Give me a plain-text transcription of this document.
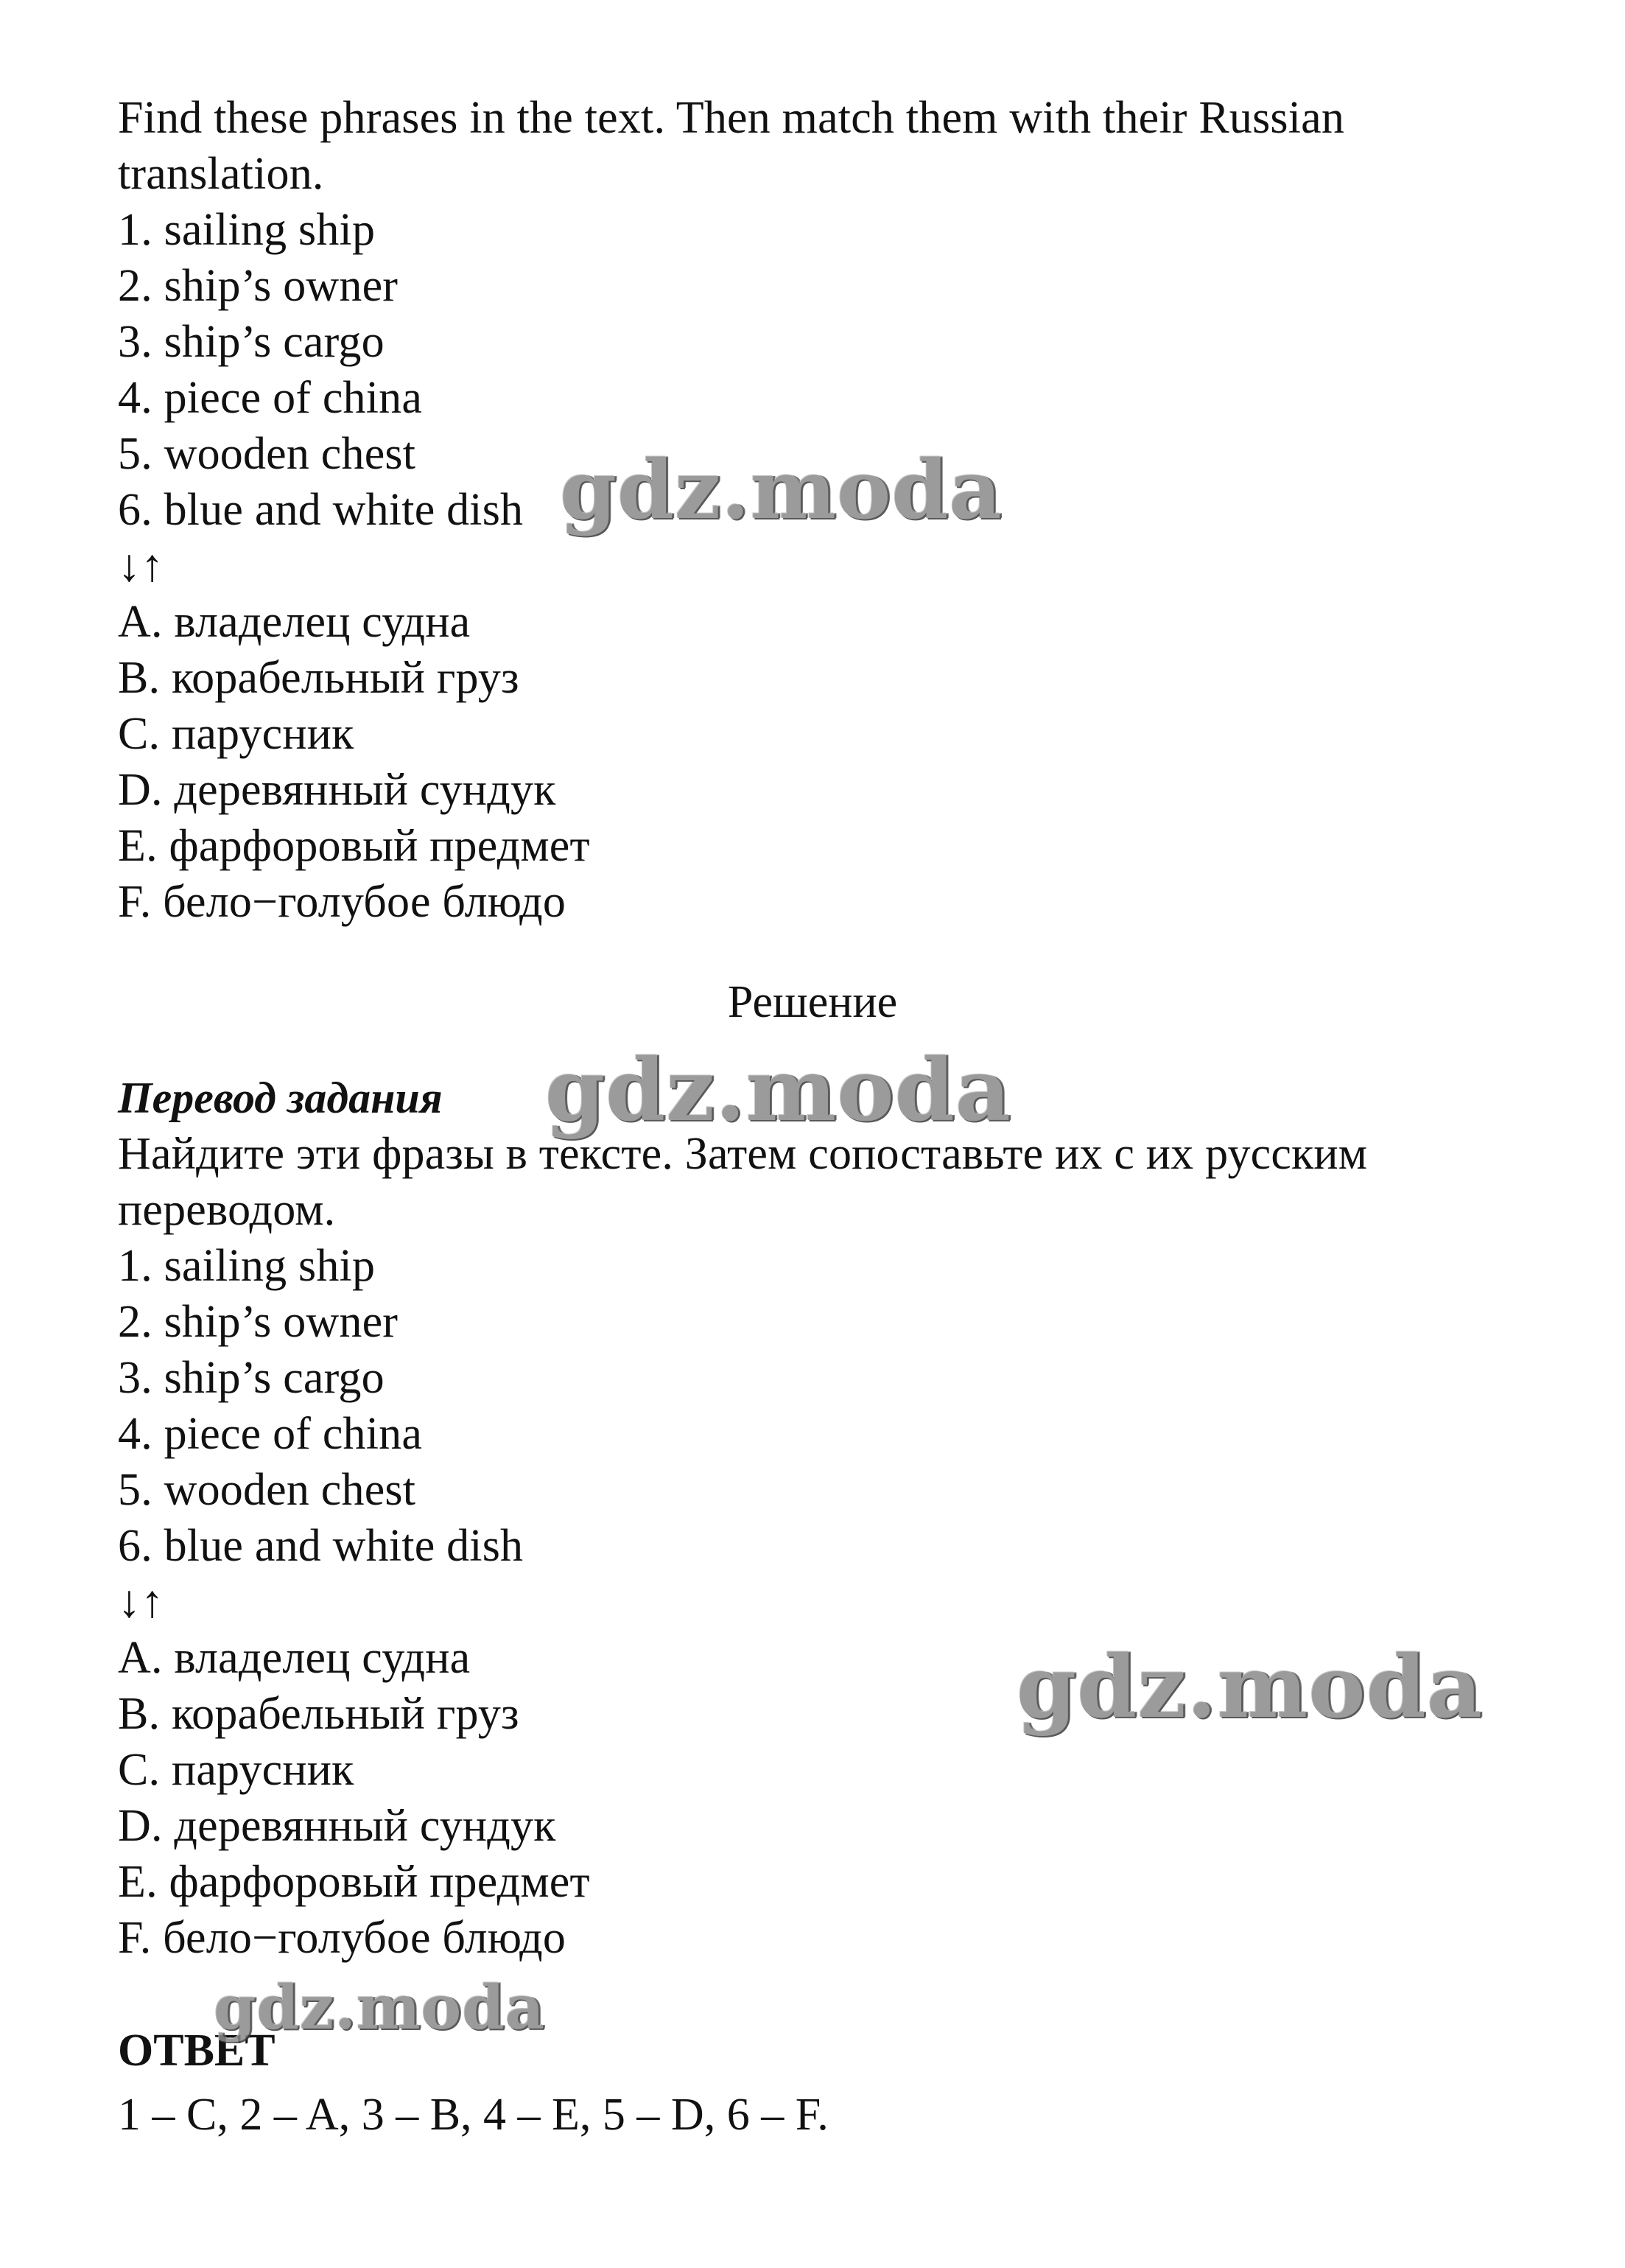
Find these phrases in the text. Then match them with their Russian
translation.
1. sailing ship
2. ship’s owner
3. ship’s cargo
4. piece of china
5. wooden chest
6. blue and white dish
↓↑
A. владелец судна
B. корабельный груз
C. парусник
D. деревянный сундук
E. фарфоровый предмет
F. бело−голубое блюдо
Решение
Перевод задания
Найдите эти фразы в тексте. Затем сопоставьте их с их русским
переводом.
1. sailing ship
2. ship’s owner
3. ship’s cargo
4. piece of china
5. wooden chest
6. blue and white dish
↓↑
A. владелец судна
B. корабельный груз
C. парусник
D. деревянный сундук
E. фарфоровый предмет
F. бело−голубое блюдо
ОТВЕТ
1 – C, 2 – A, 3 – B, 4 – E, 5 – D, 6 – F.
gdz.moda
gdz.moda
gdz.moda
gdz.moda
